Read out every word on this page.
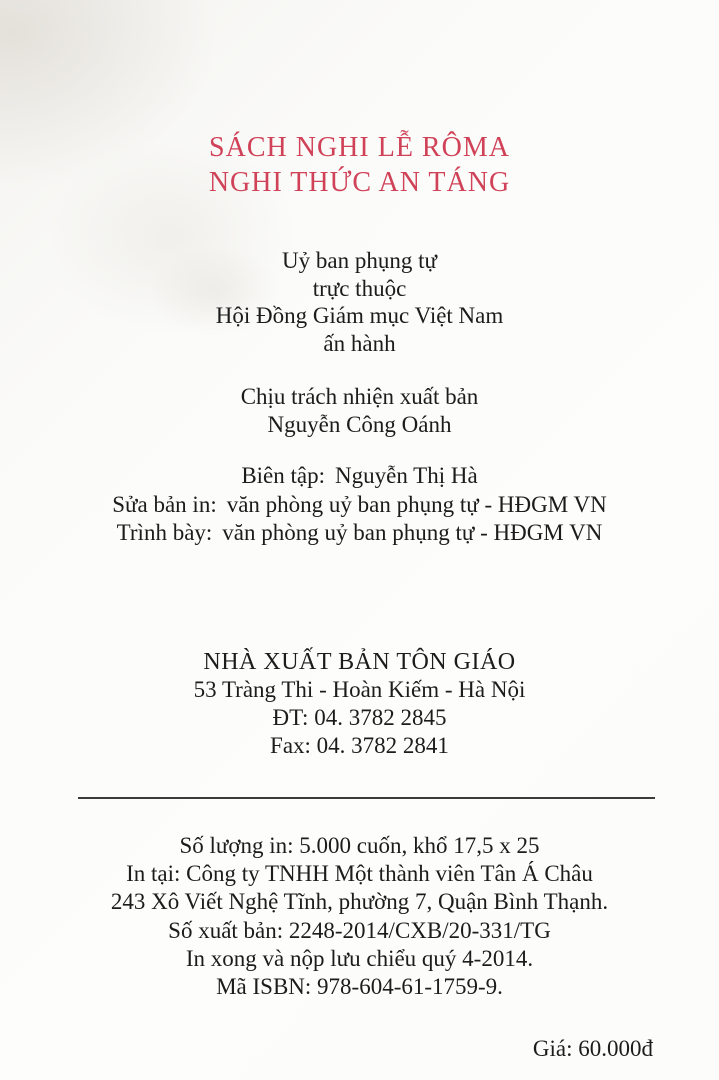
SÁCH NGHI LỄ RÔMA
NGHI THỨC AN TÁNG
Uỷ ban phụng tự
trực thuộc
Hội Đồng Giám mục Việt Nam
ấn hành
Chịu trách nhiện xuất bản
Nguyễn Công Oánh
Biên tập: Nguyễn Thị Hà
Sửa bản in: văn phòng uỷ ban phụng tự - HĐGM VN
Trình bày: văn phòng uỷ ban phụng tự - HĐGM VN
NHÀ XUẤT BẢN TÔN GIÁO
53 Tràng Thi - Hoàn Kiếm - Hà Nội
ĐT: 04. 3782 2845
Fax: 04. 3782 2841
Số lượng in: 5.000 cuốn, khổ 17,5 x 25
In tại: Công ty TNHH Một thành viên Tân Á Châu
243 Xô Viết Nghệ Tĩnh, phường 7, Quận Bình Thạnh.
Số xuất bản: 2248-2014/CXB/20-331/TG
In xong và nộp lưu chiểu quý 4-2014.
Mã ISBN: 978-604-61-1759-9.
Giá: 60.000đ
